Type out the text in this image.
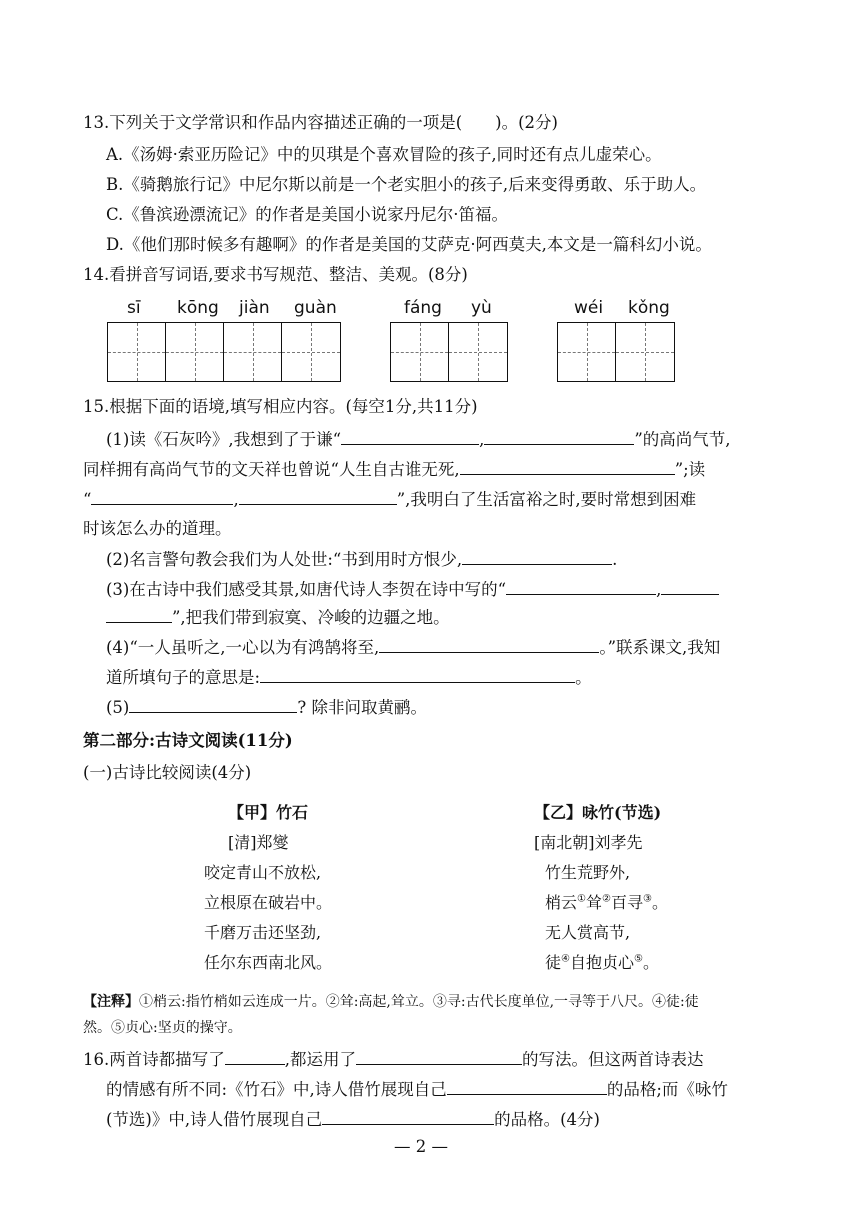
13.下列关于文学常识和作品内容描述正确的一项是(　　)。(2分)
A.《汤姆·索亚历险记》中的贝琪是个喜欢冒险的孩子,同时还有点儿虚荣心。
B.《骑鹅旅行记》中尼尔斯以前是一个老实胆小的孩子,后来变得勇敢、乐于助人。
C.《鲁滨逊漂流记》的作者是美国小说家丹尼尔·笛福。
D.《他们那时候多有趣啊》的作者是美国的艾萨克·阿西莫夫,本文是一篇科幻小说。
14.看拼音写词语,要求书写规范、整洁、美观。(8分)
sī kōng jiàn guàn	fáng yù	wéi kǒng
15.根据下面的语境,填写相应内容。(每空1分,共11分)
(1)读《石灰吟》,我想到了于谦“	,	”的高尚气节,
同样拥有高尚气节的文天祥也曾说“人生自古谁无死,	”;读
“	,	”,我明白了生活富裕之时,要时常想到困难
时该怎么办的道理。
(2)名言警句教会我们为人处世:“书到用时方恨少,	.
(3)在古诗中我们感受其景,如唐代诗人李贺在诗中写的“	,
”,把我们带到寂寞、冷峻的边疆之地。
(4)“一人虽听之,一心以为有鸿鹄将至,	。”联系课文,我知
道所填句子的意思是:	。
(5)	? 除非问取黄鹂。
第二部分:古诗文阅读(11分)
(一)古诗比较阅读(4分)
【甲】竹石
[清]郑燮
咬定青山不放松,
立根原在破岩中。
千磨万击还坚劲,
任尔东西南北风。
【乙】咏竹(节选)
[南北朝]刘孝先
竹生荒野外,
梢云①耸②百寻③。
无人赏高节,
徒④自抱贞心⑤。
【注释】①梢云:指竹梢如云连成一片。②耸:高起,耸立。③寻:古代长度单位,一寻等于八尺。④徒:徒
然。⑤贞心:坚贞的操守。
16.两首诗都描写了	,都运用了	的写法。但这两首诗表达
的情感有所不同:《竹石》中,诗人借竹展现自己	的品格;而《咏竹
(节选)》中,诗人借竹展现自己	的品格。(4分)
— 2 —
